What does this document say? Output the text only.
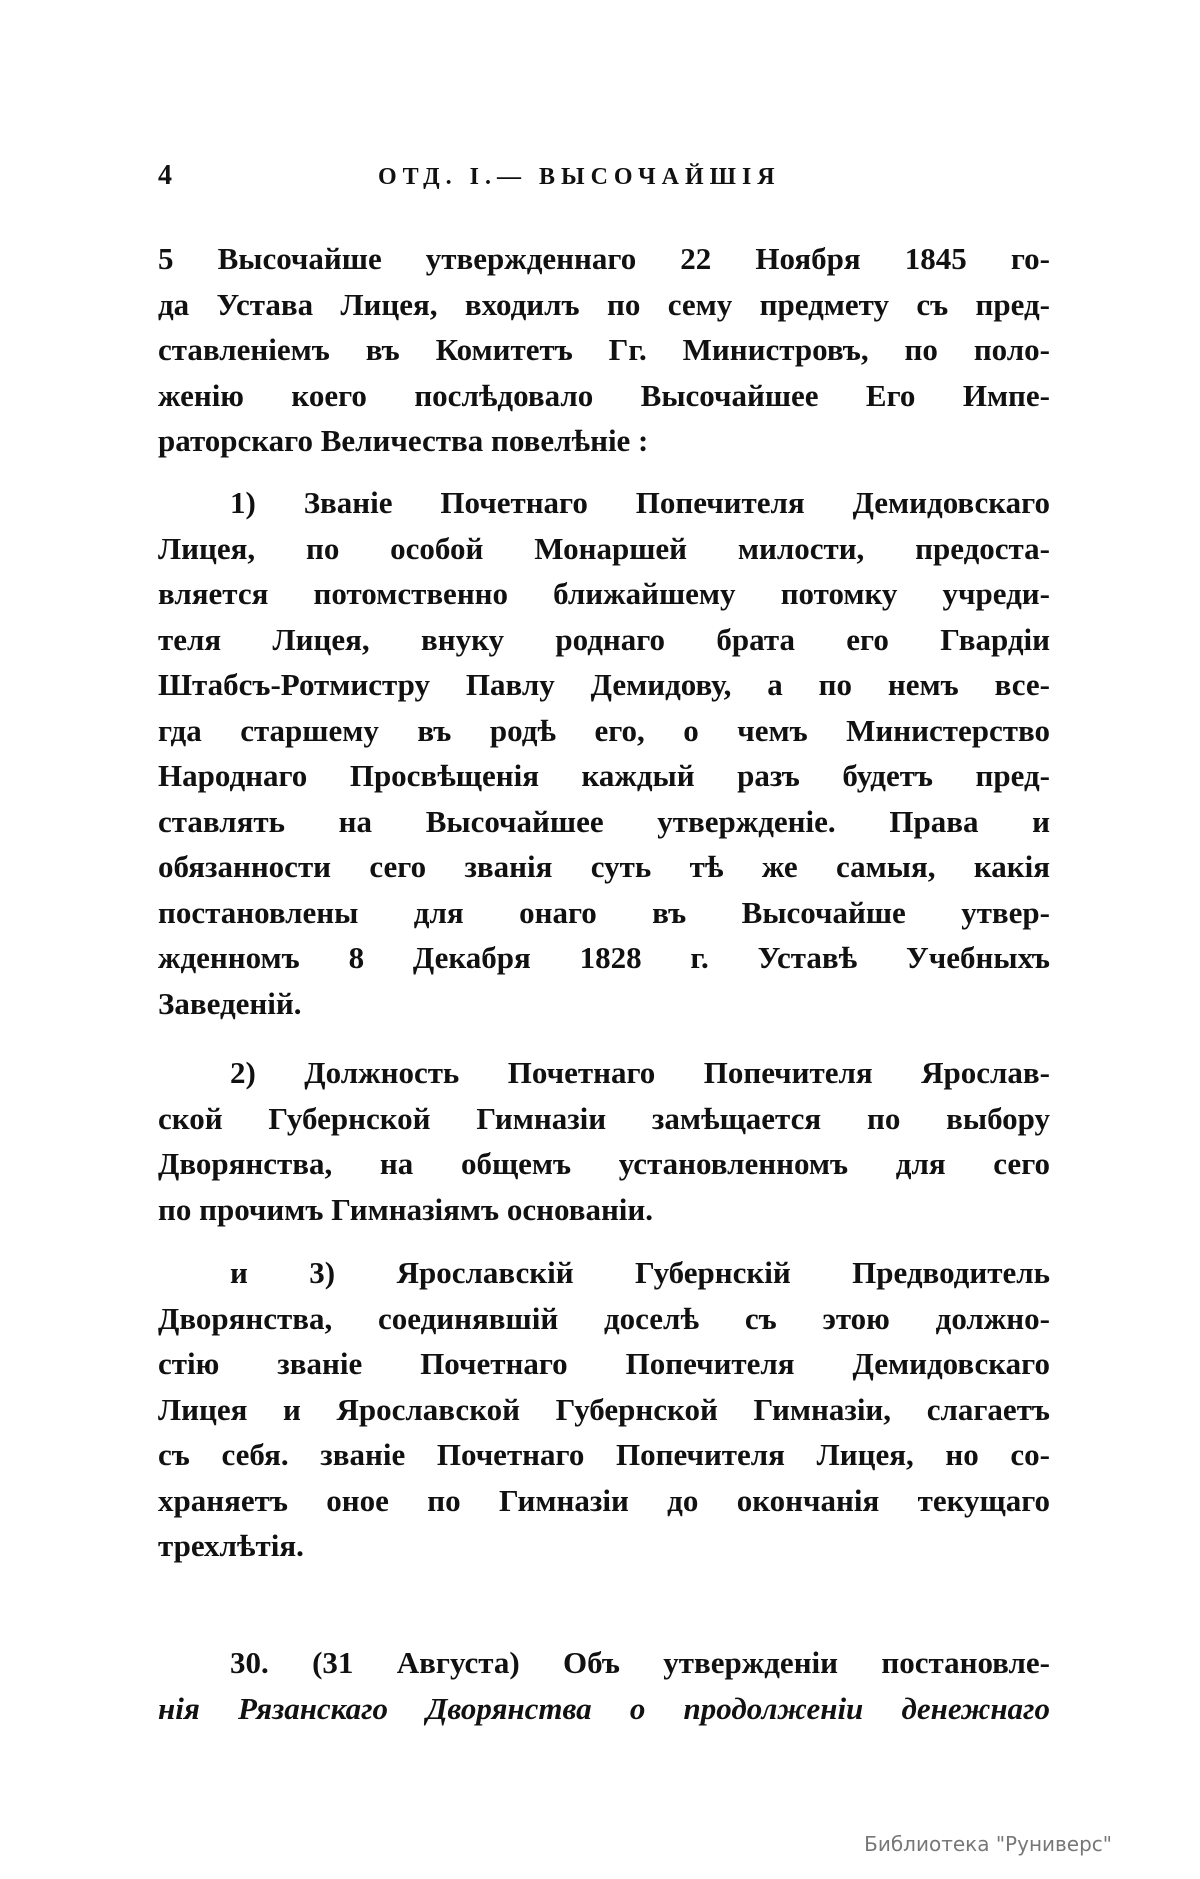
4	ОТД. I.— ВЫСОЧАЙШIЯ
5 Высочайше утвержденнаго 22 Ноября 1845 го-
да Устава Лицея, входилъ по сему предмету съ пред-
ставленіемъ въ Комитетъ Гг. Министровъ, по поло-
женію коего послѣдовало Высочайшее Его Импе-
раторскаго Величества повелѣніе :
1) Званіе Почетнаго Попечителя Демидовскаго
Лицея, по особой Монаршей милости, предоста-
вляется потомственно ближайшему потомку учреди-
теля Лицея, внуку роднаго брата его Гвардіи
Штабсъ-Ротмистру Павлу Демидову, а по немъ все-
гда старшему въ родѣ его, о чемъ Министерство
Народнаго Просвѣщенія каждый разъ будетъ пред-
ставлять на Высочайшее утвержденіе. Права и
обязанности сего званія суть тѣ же самыя, какія
постановлены для онаго въ Высочайше утвер-
жденномъ 8 Декабря 1828 г. Уставѣ Учебныхъ
Заведеній.
2) Должность Почетнаго Попечителя Ярослав-
ской Губернской Гимназіи замѣщается по выбору
Дворянства, на общемъ установленномъ для сего
по прочимъ Гимназіямъ основаніи.
и 3) Ярославскій Губернскій Предводитель
Дворянства, соединявшій доселѣ съ этою должно-
стію званіе Почетнаго Попечителя Демидовскаго
Лицея и Ярославской Губернской Гимназіи, слагаетъ
съ себя. званіе Почетнаго Попечителя Лицея, но со-
храняетъ оное по Гимназіи до окончанія текущаго
трехлѣтія.
30. (31 Августа) Объ утвержденіи постановле-
нія Рязанскаго Дворянства о продолженіи денежнаго
Библиотека "Руниверс"
